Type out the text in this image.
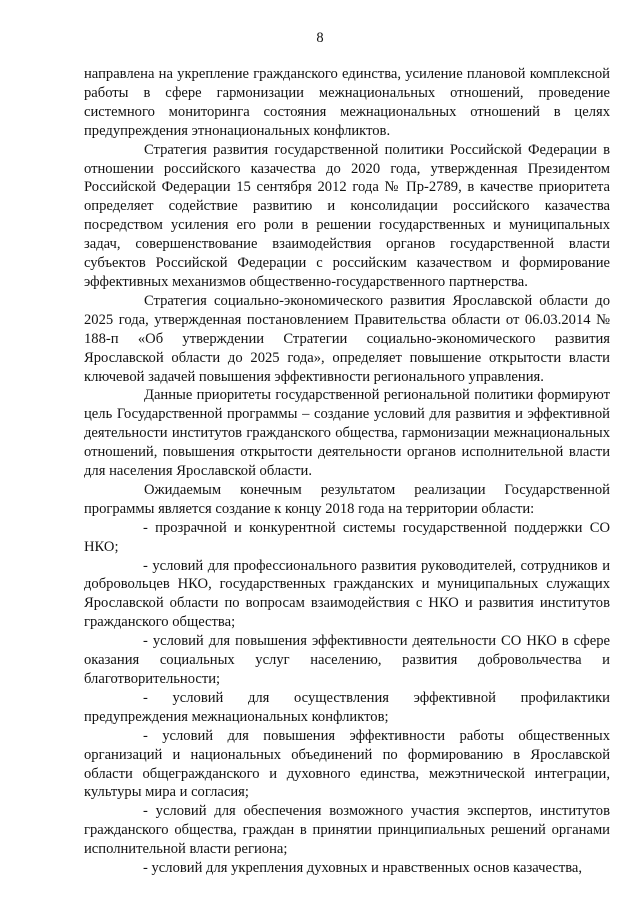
8

направлена на укрепление гражданского единства, усиление плановой комплексной работы в сфере гармонизации межнациональных отношений, проведение системного мониторинга состояния межнациональных отношений в целях предупреждения этнонациональных конфликтов.

Стратегия развития государственной политики Российской Федерации в отношении российского казачества до 2020 года, утвержденная Президентом Российской Федерации 15 сентября 2012 года № Пр-2789, в качестве приоритета определяет содействие развитию и консолидации российского казачества посредством усиления его роли в решении государственных и муниципальных задач, совершенствование взаимодействия органов государственной власти субъектов Российской Федерации с российским казачеством и формирование эффективных механизмов общественно-государственного партнерства.

Стратегия социально-экономического развития Ярославской области до 2025 года, утвержденная постановлением Правительства области от 06.03.2014 № 188-п «Об утверждении Стратегии социально-экономического развития Ярославской области до 2025 года», определяет повышение открытости власти ключевой задачей повышения эффективности регионального управления.

Данные приоритеты государственной региональной политики формируют цель Государственной программы – создание условий для развития и эффективной деятельности институтов гражданского общества, гармонизации межнациональных отношений, повышения открытости деятельности органов исполнительной власти для населения Ярославской области.

Ожидаемым конечным результатом реализации Государственной программы является создание к концу 2018 года на территории области:

- прозрачной и конкурентной системы государственной поддержки СО НКО;

- условий для профессионального развития руководителей, сотрудников и добровольцев НКО, государственных гражданских и муниципальных служащих Ярославской области по вопросам взаимодействия с НКО и развития институтов гражданского общества;

- условий для повышения эффективности деятельности СО НКО в сфере оказания социальных услуг населению, развития добровольчества и благотворительности;

- условий для осуществления эффективной профилактики предупреждения межнациональных конфликтов;

- условий для повышения эффективности работы общественных организаций и национальных объединений по формированию в Ярославской области общегражданского и духовного единства, межэтнической интеграции, культуры мира и согласия;

- условий для обеспечения возможного участия экспертов, институтов гражданского общества, граждан в принятии принципиальных решений органами исполнительной власти региона;

- условий для укрепления духовных и нравственных основ казачества,
